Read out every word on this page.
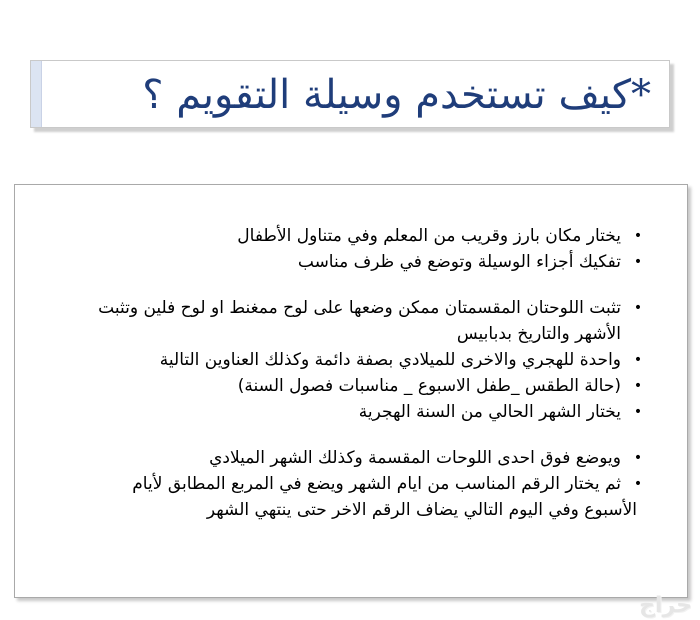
*كيف تستخدم وسيلة التقويم ؟
•
يختار مكان بارز وقريب من المعلم وفي متناول الأطفال
•
تفكيك أجزاء الوسيلة وتوضع في ظرف مناسب
•
تثبت اللوحتان المقسمتان ممكن وضعها على لوح ممغنط او لوح فلين وتثبت
الأشهر والتاريخ بدبابيس
•
واحدة للهجري والاخرى للميلادي بصفة دائمة وكذلك العناوين التالية
•
(حالة الطقس _طفل الاسبوع _ مناسبات فصول السنة)
•
يختار الشهر الحالي من السنة الهجرية
•
ويوضع فوق احدى اللوحات المقسمة وكذلك الشهر الميلادي
•
ثم يختار الرقم المناسب من ايام الشهر ويضع في المربع المطابق لأيام
الأسبوع وفي اليوم التالي يضاف الرقم الاخر حتى ينتهي الشهر
حراج
